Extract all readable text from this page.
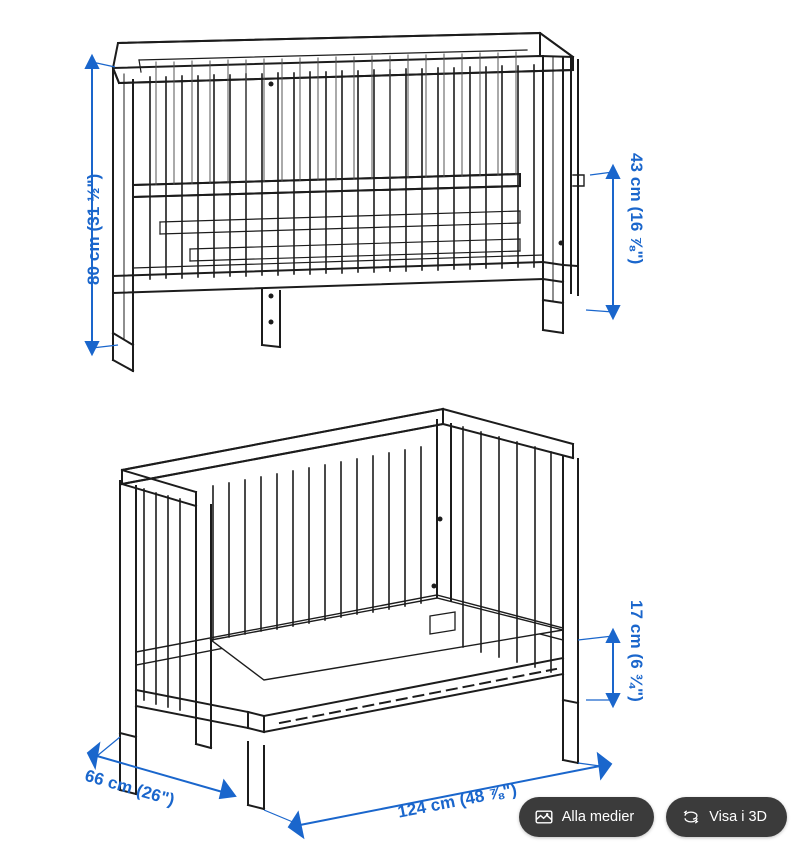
80 cm (31 ½")	43 cm (16 ⅞")
17 cm (6 ¾")
66 cm (26")	124 cm (48 ⅞")	Alla medier	Visa i 3D
